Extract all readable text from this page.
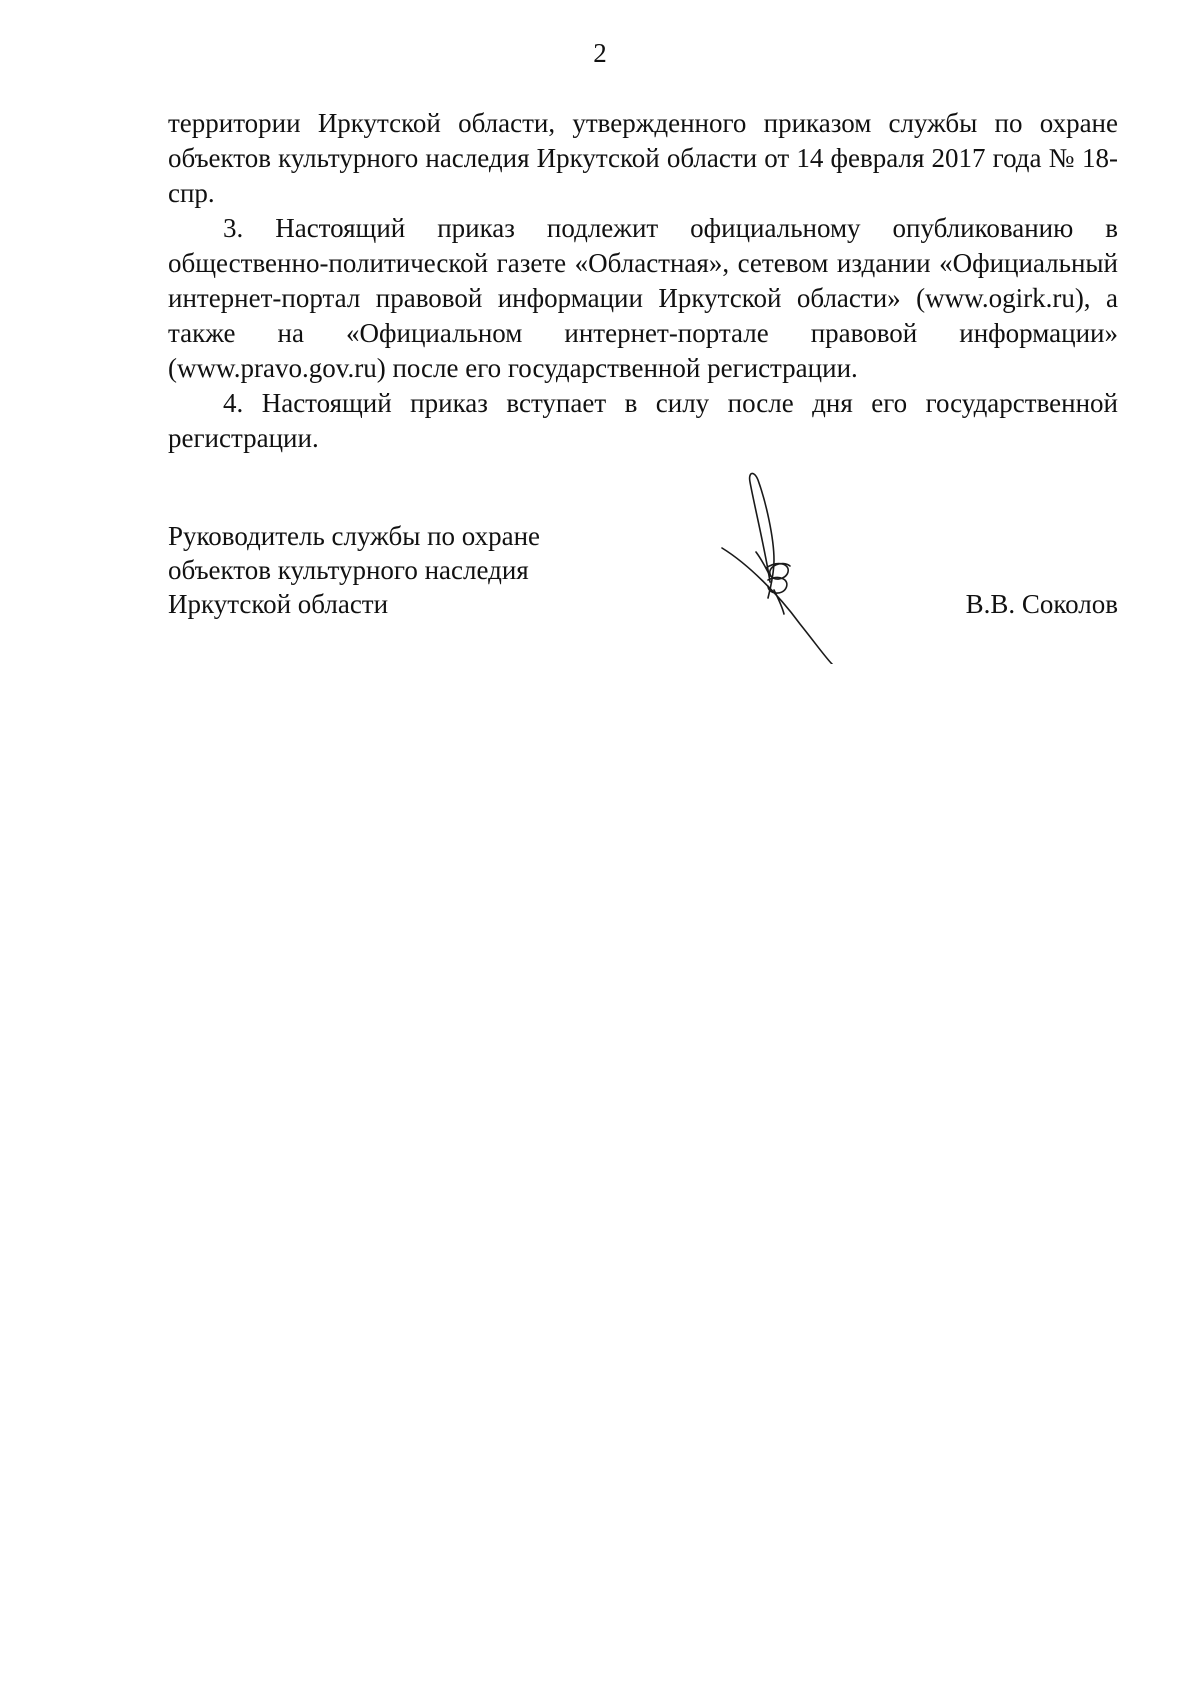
2

территории Иркутской области, утвержденного приказом службы по охране объектов культурного наследия Иркутской области от 14 февраля 2017 года № 18-спр.

3. Настоящий приказ подлежит официальному опубликованию в общественно-политической газете «Областная», сетевом издании «Официальный интернет-портал правовой информации Иркутской области» (www.ogirk.ru), а также на «Официальном интернет-портале правовой информации» (www.pravo.gov.ru) после его государственной регистрации.

4. Настоящий приказ вступает в силу после дня его государственной регистрации.

Руководитель службы по охране
объектов культурного наследия
Иркутской области	В.В. Соколов
